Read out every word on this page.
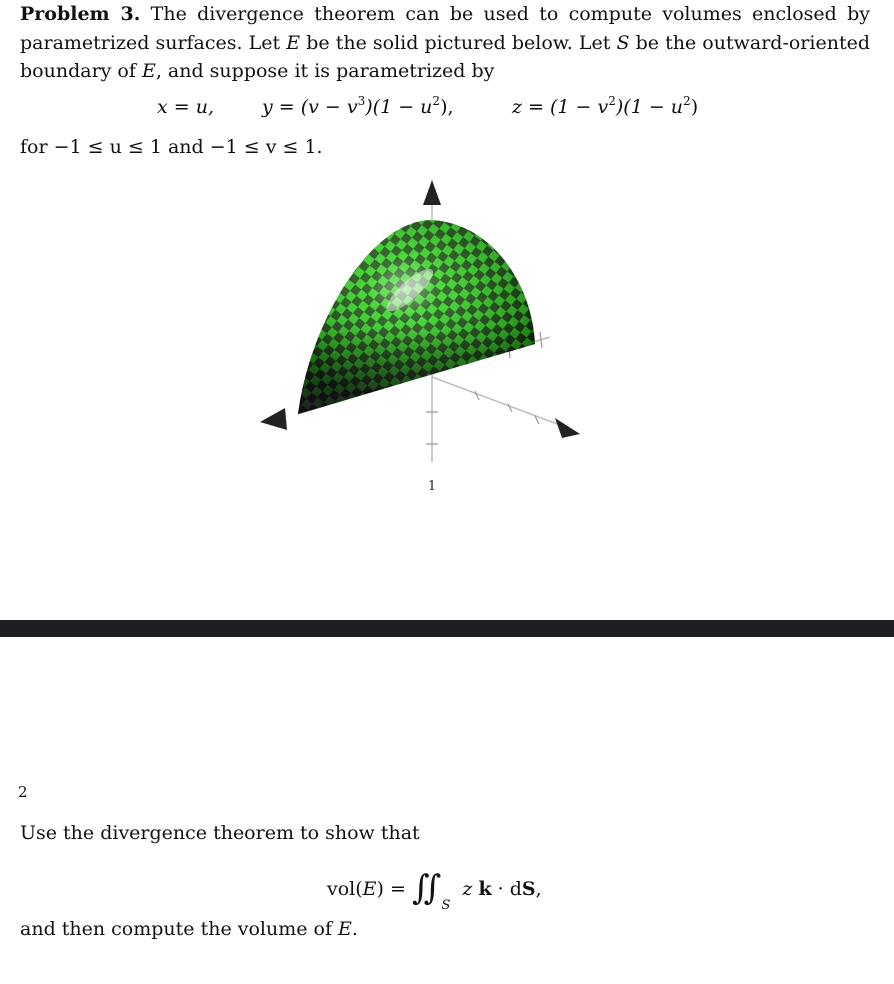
Problem 3. The divergence theorem can be used to compute volumes enclosed by parametrized surfaces. Let E be the solid pictured below. Let S be the outward-oriented boundary of E, and suppose it is parametrized by
x = u,	$y = (v - v^3)(1 - u^2)$,	$z = (1 - v^2)(1 - u^2)$
for −1 ≤ u ≤ 1 and −1 ≤ v ≤ 1.
1
2
Use the divergence theorem to show that
vol(E) = ∫∫ $_S$ z k · dS,
and then compute the volume of E.
